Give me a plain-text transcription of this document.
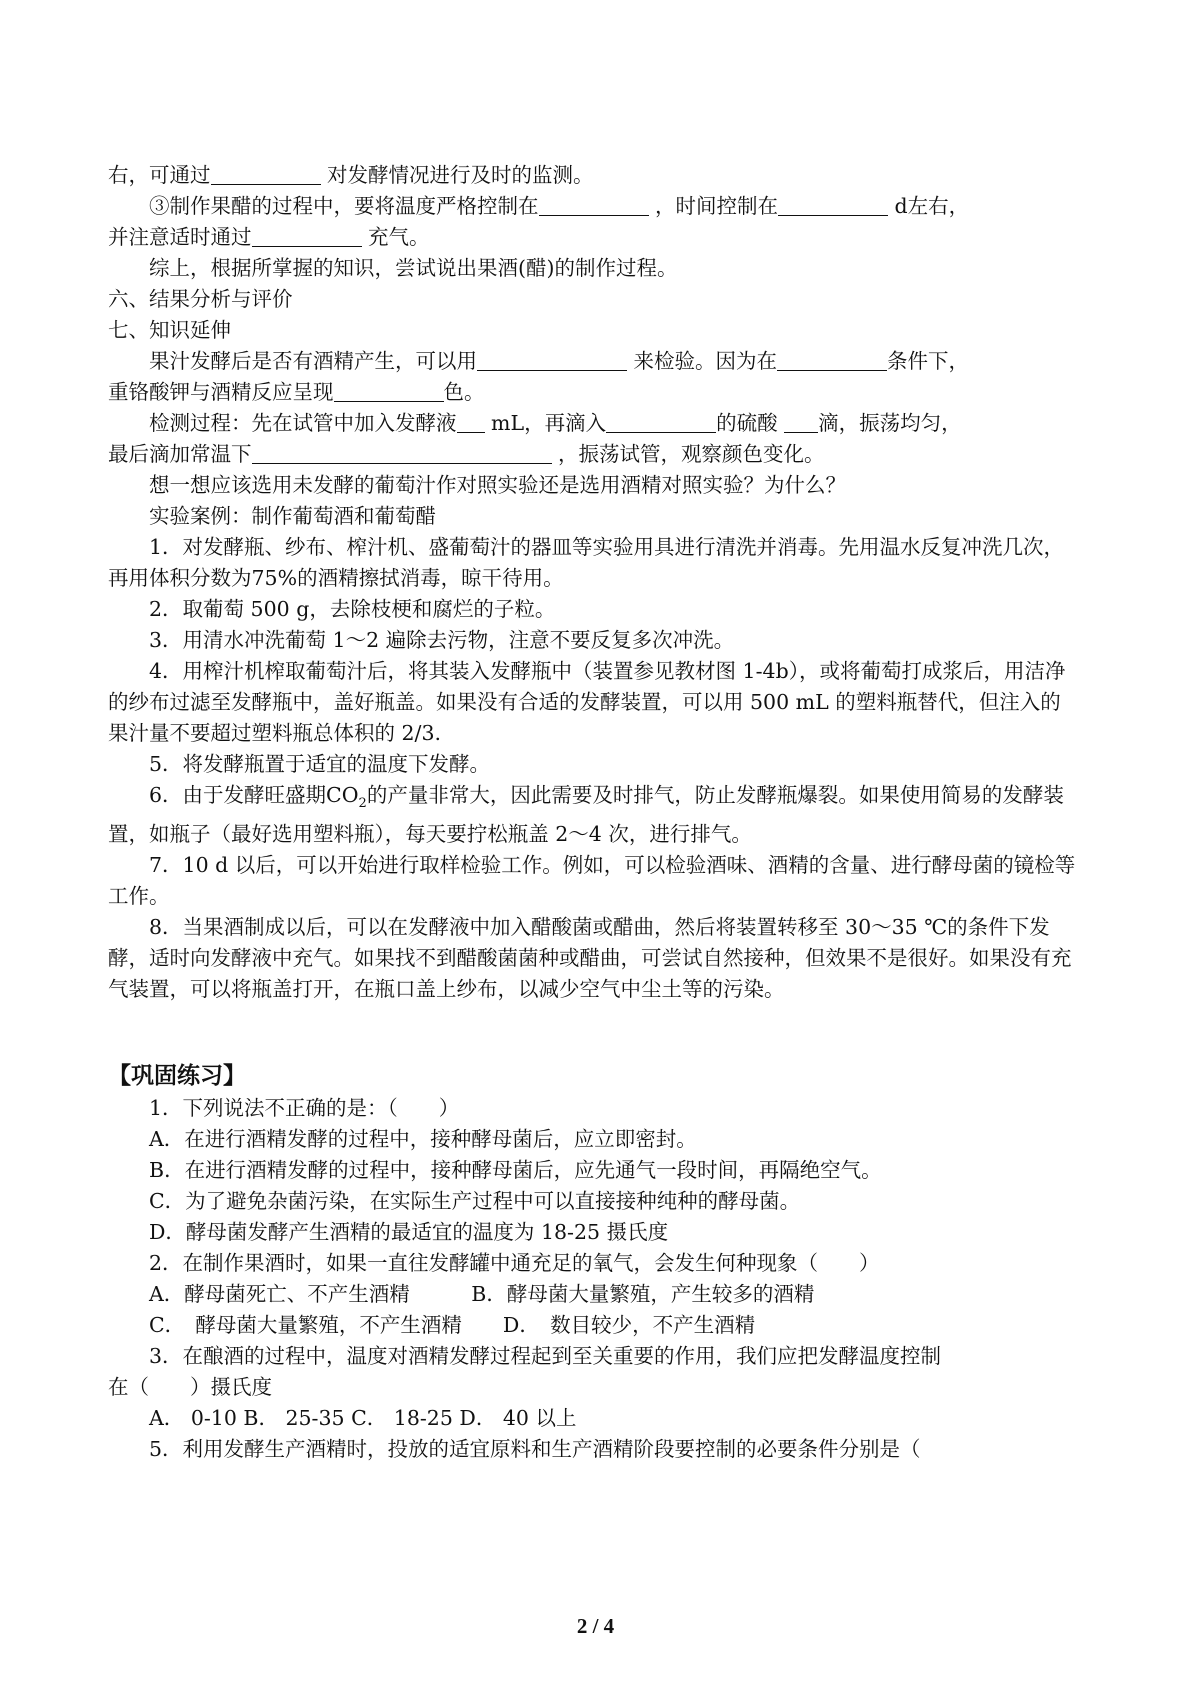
右，可通过	对发酵情况进行及时的监测。

③制作果醋的过程中，要将温度严格控制在	，时间控制在	d左右，

并注意适时通过	充气。

综上，根据所掌握的知识，尝试说出果酒(醋)的制作过程。

六、结果分析与评价

七、知识延伸

果汁发酵后是否有酒精产生，可以用	来检验。因为在	条件下，

重铬酸钾与酒精反应呈现	色。

检测过程：先在试管中加入发酵液 mL，再滴入	的硫酸 滴，振荡均匀，

最后滴加常温下	，振荡试管，观察颜色变化。

想一想应该选用未发酵的葡萄汁作对照实验还是选用酒精对照实验？为什么？

实验案例：制作葡萄酒和葡萄醋

1．对发酵瓶、纱布、榨汁机、盛葡萄汁的器皿等实验用具进行清洗并消毒。先用温水反复冲洗几次，再用体积分数为75%的酒精擦拭消毒，晾干待用。

2．取葡萄 500 g，去除枝梗和腐烂的子粒。

3．用清水冲洗葡萄 1～2 遍除去污物，注意不要反复多次冲洗。

4．用榨汁机榨取葡萄汁后，将其装入发酵瓶中（装置参见教材图 1-4b），或将葡萄打成浆后，用洁净的纱布过滤至发酵瓶中，盖好瓶盖。如果没有合适的发酵装置，可以用 500 mL 的塑料瓶替代，但注入的果汁量不要超过塑料瓶总体积的 2/3.

5．将发酵瓶置于适宜的温度下发酵。

6．由于发酵旺盛期$CO_2$的产量非常大，因此需要及时排气，防止发酵瓶爆裂。如果使用简易的发酵装置，如瓶子（最好选用塑料瓶），每天要拧松瓶盖 2～4 次，进行排气。

7．10 d 以后，可以开始进行取样检验工作。例如，可以检验酒味、酒精的含量、进行酵母菌的镜检等工作。

8．当果酒制成以后，可以在发酵液中加入醋酸菌或醋曲，然后将装置转移至 30～35 ℃的条件下发酵，适时向发酵液中充气。如果找不到醋酸菌菌种或醋曲，可尝试自然接种，但效果不是很好。如果没有充气装置，可以将瓶盖打开，在瓶口盖上纱布，以减少空气中尘土等的污染。

【巩固练习】

1．下列说法不正确的是：（　　）

A．在进行酒精发酵的过程中，接种酵母菌后，应立即密封。

B．在进行酒精发酵的过程中，接种酵母菌后，应先通气一段时间，再隔绝空气。

C．为了避免杂菌污染，在实际生产过程中可以直接接种纯种的酵母菌。

D．酵母菌发酵产生酒精的最适宜的温度为 18-25 摄氏度

2．在制作果酒时，如果一直往发酵罐中通充足的氧气，会发生何种现象（　　）

A．酵母菌死亡、不产生酒精　　　B．酵母菌大量繁殖，产生较多的酒精

C．　酵母菌大量繁殖，不产生酒精　　D．　数目较少，不产生酒精

3．在酿酒的过程中，温度对酒精发酵过程起到至关重要的作用，我们应把发酵温度控制

在（　　）摄氏度

A． 0-10 B． 25-35 C． 18-25 D． 40 以上

5．利用发酵生产酒精时，投放的适宜原料和生产酒精阶段要控制的必要条件分别是（

2 / 4
